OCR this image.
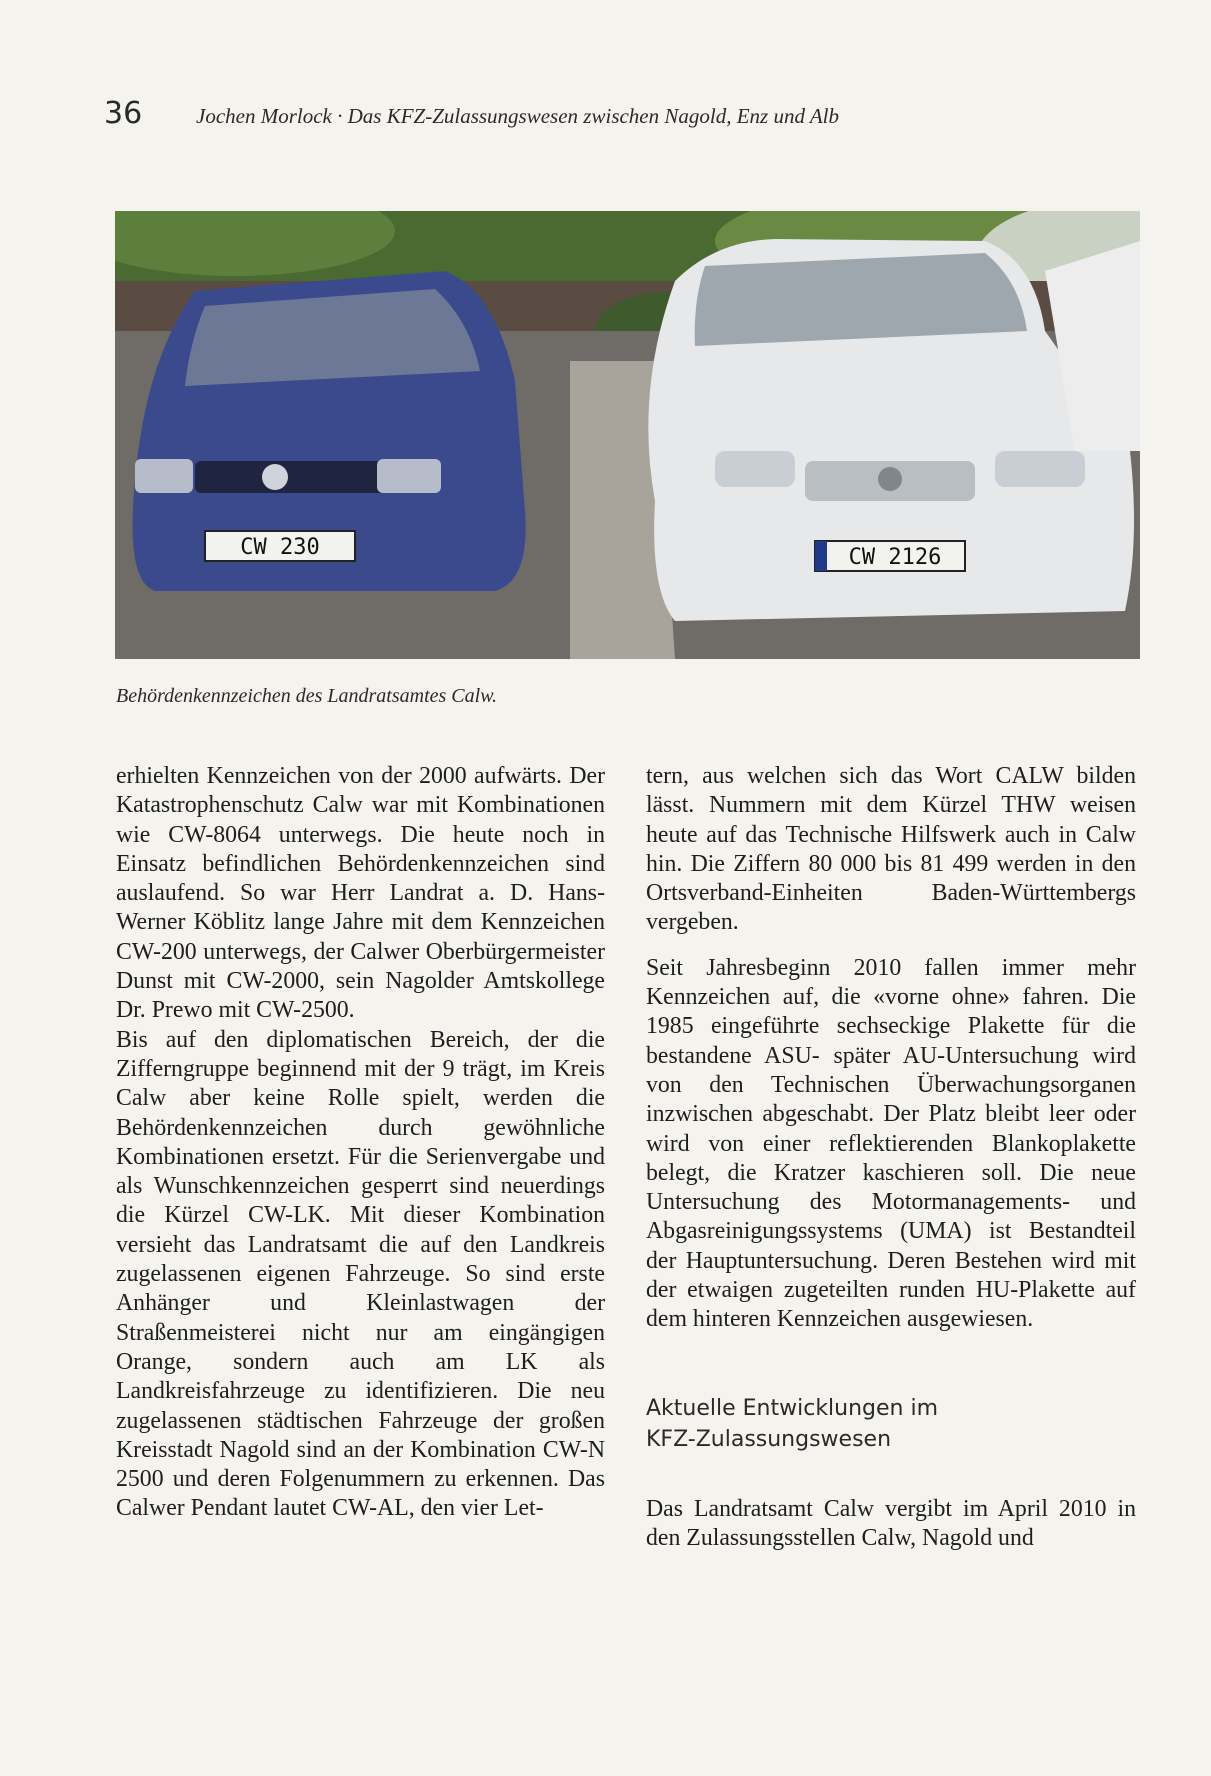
36	Jochen Morlock · Das KFZ-Zulassungswesen zwischen Nagold, Enz und Alb
CW 230	CW 2126
Behördenkennzeichen des Landratsamtes Calw.

erhielten Kennzeichen von der 2000 aufwärts. Der Katastrophenschutz Calw war mit Kombinationen wie CW-8064 unterwegs. Die heute noch in Einsatz befindlichen Behördenkennzeichen sind auslaufend. So war Herr Landrat a. D. Hans-Werner Köblitz lange Jahre mit dem Kennzeichen CW-200 unterwegs, der Calwer Oberbürgermeister Dunst mit CW-2000, sein Nagolder Amtskollege Dr. Prewo mit CW-2500.

Bis auf den diplomatischen Bereich, der die Zifferngruppe beginnend mit der 9 trägt, im Kreis Calw aber keine Rolle spielt, werden die Behördenkennzeichen durch gewöhnliche Kombinationen ersetzt. Für die Serienvergabe und als Wunschkennzeichen gesperrt sind neuerdings die Kürzel CW-LK. Mit dieser Kombination versieht das Landratsamt die auf den Landkreis zugelassenen eigenen Fahrzeuge. So sind erste Anhänger und Kleinlastwagen der Straßenmeisterei nicht nur am eingängigen Orange, sondern auch am LK als Landkreisfahrzeuge zu identifizieren. Die neu zugelassenen städtischen Fahrzeuge der großen Kreisstadt Nagold sind an der Kombination CW-N 2500 und deren Folgenummern zu erkennen. Das Calwer Pendant lautet CW-AL, den vier Let-

tern, aus welchen sich das Wort CALW bilden lässt. Nummern mit dem Kürzel THW weisen heute auf das Technische Hilfswerk auch in Calw hin. Die Ziffern 80 000 bis 81 499 werden in den Ortsverband-Einheiten Baden-Württembergs vergeben.

Seit Jahresbeginn 2010 fallen immer mehr Kennzeichen auf, die «vorne ohne» fahren. Die 1985 eingeführte sechseckige Plakette für die bestandene ASU- später AU-Untersuchung wird von den Technischen Überwachungsorganen inzwischen abgeschabt. Der Platz bleibt leer oder wird von einer reflektierenden Blankoplakette belegt, die Kratzer kaschieren soll. Die neue Untersuchung des Motormanagements- und Abgasreinigungssystems (UMA) ist Bestandteil der Hauptuntersuchung. Deren Bestehen wird mit der etwaigen zugeteilten runden HU-Plakette auf dem hinteren Kennzeichen ausgewiesen.

Aktuelle Entwicklungen im
KFZ-Zulassungswesen

Das Landratsamt Calw vergibt im April 2010 in den Zulassungsstellen Calw, Nagold und
